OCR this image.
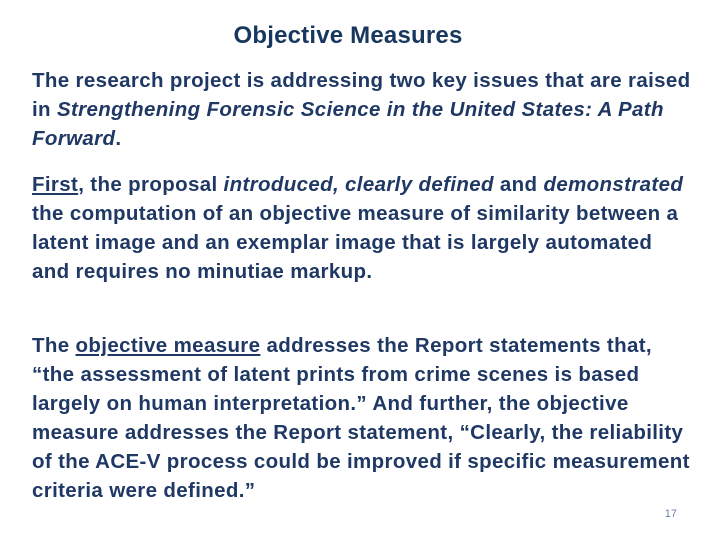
Objective Measures

The research project is addressing two key issues that are raised in Strengthening Forensic Science in the United States: A Path Forward.

First, the proposal introduced, clearly defined and demonstrated the computation of an objective measure of similarity between a latent image and an exemplar image that is largely automated and requires no minutiae markup.

The objective measure addresses the Report statements that, “the assessment of latent prints from crime scenes is based largely on human interpretation.” And further, the objective measure addresses the Report statement, “Clearly, the reliability of the ACE-V process could be improved if specific measurement criteria were defined.”

17
